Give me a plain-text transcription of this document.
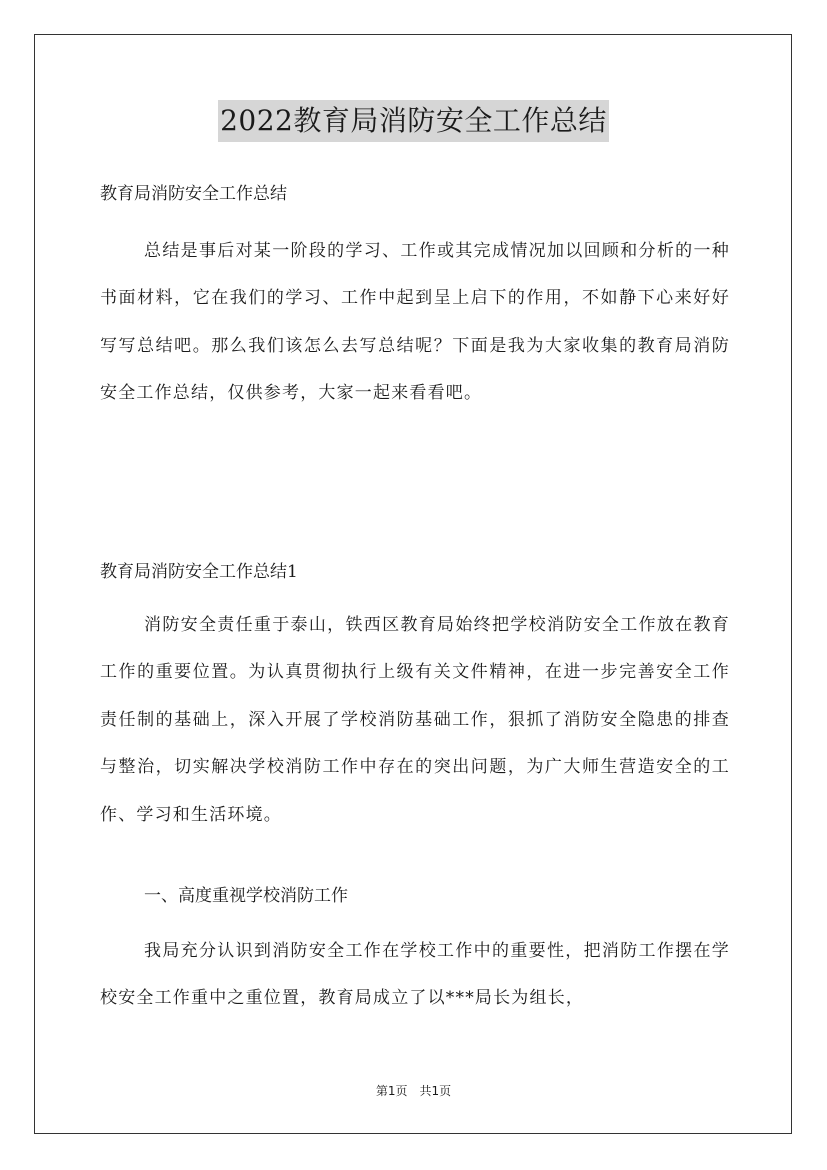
2022教育局消防安全工作总结
教育局消防安全工作总结
总结是事后对某一阶段的学习、工作或其完成情况加以回顾和分析的一种书面材料，它在我们的学习、工作中起到呈上启下的作用，不如静下心来好好写写总结吧。那么我们该怎么去写总结呢？下面是我为大家收集的教育局消防安全工作总结，仅供参考，大家一起来看看吧。
教育局消防安全工作总结1
消防安全责任重于泰山，铁西区教育局始终把学校消防安全工作放在教育工作的重要位置。为认真贯彻执行上级有关文件精神，在进一步完善安全工作责任制的基础上，深入开展了学校消防基础工作，狠抓了消防安全隐患的排查与整治，切实解决学校消防工作中存在的突出问题，为广大师生营造安全的工作、学习和生活环境。
一、高度重视学校消防工作
我局充分认识到消防安全工作在学校工作中的重要性，把消防工作摆在学校安全工作重中之重位置，教育局成立了以***局长为组长，
第1页　共1页
